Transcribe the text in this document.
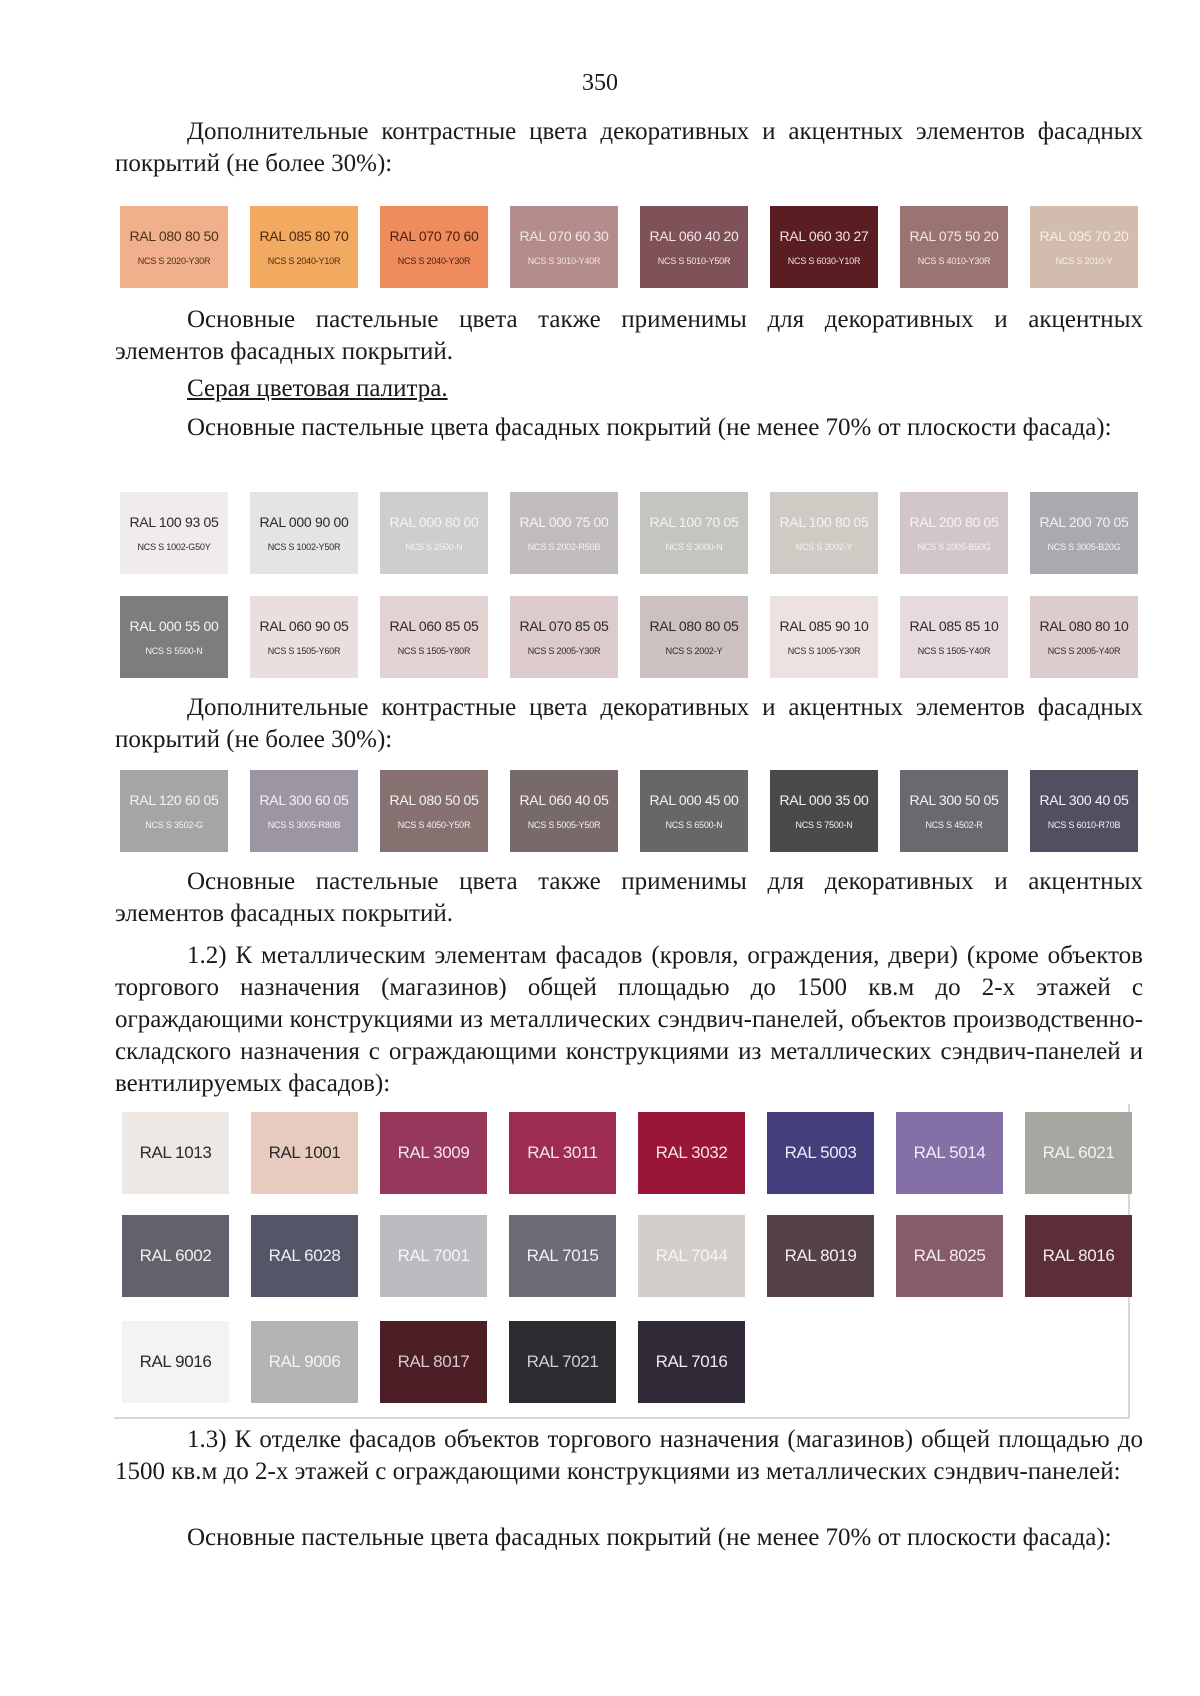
350

Дополнительные контрастные цвета декоративных и акцентных элементов фасадных покрытий (не более 30%):

RAL 080 80 50
NCS S 2020-Y30R
RAL 085 80 70
NCS S 2040-Y10R
RAL 070 70 60
NCS S 2040-Y30R
RAL 070 60 30
NCS S 3010-Y40R
RAL 060 40 20
NCS S 5010-Y50R
RAL 060 30 27
NCS S 6030-Y10R
RAL 075 50 20
NCS S 4010-Y30R
RAL 095 70 20
NCS S 2010-Y

Основные пастельные цвета также применимы для декоративных и акцентных элементов фасадных покрытий.

Серая цветовая палитра.

Основные пастельные цвета фасадных покрытий (не менее 70% от плоскости фасада):

RAL 100 93 05
NCS S 1002-G50Y
RAL 000 90 00
NCS S 1002-Y50R
RAL 000 80 00
NCS S 2500-N
RAL 000 75 00
NCS S 2002-R50B
RAL 100 70 05
NCS S 3000-N
RAL 100 80 05
NCS S 2002-Y
RAL 200 80 05
NCS S 2005-B50G
RAL 200 70 05
NCS S 3005-B20G
RAL 000 55 00
NCS S 5500-N
RAL 060 90 05
NCS S 1505-Y60R
RAL 060 85 05
NCS S 1505-Y80R
RAL 070 85 05
NCS S 2005-Y30R
RAL 080 80 05
NCS S 2002-Y
RAL 085 90 10
NCS S 1005-Y30R
RAL 085 85 10
NCS S 1505-Y40R
RAL 080 80 10
NCS S 2005-Y40R

Дополнительные контрастные цвета декоративных и акцентных элементов фасадных покрытий (не более 30%):

RAL 120 60 05
NCS S 3502-G
RAL 300 60 05
NCS S 3005-R80B
RAL 080 50 05
NCS S 4050-Y50R
RAL 060 40 05
NCS S 5005-Y50R
RAL 000 45 00
NCS S 6500-N
RAL 000 35 00
NCS S 7500-N
RAL 300 50 05
NCS S 4502-R
RAL 300 40 05
NCS S 6010-R70B

Основные пастельные цвета также применимы для декоративных и акцентных элементов фасадных покрытий.

1.2) К металлическим элементам фасадов (кровля, ограждения, двери) (кроме объектов торгового назначения (магазинов) общей площадью до 1500 кв.м до 2-х этажей с ограждающими конструкциями из металлических сэндвич-панелей, объектов производственно-складского назначения с ограждающими конструкциями из металлических сэндвич-панелей и вентилируемых фасадов):

RAL 1013	RAL 1001	RAL 3009	RAL 3011	RAL 3032	RAL 5003	RAL 5014	RAL 6021
RAL 6002	RAL 6028	RAL 7001	RAL 7015	RAL 7044	RAL 8019	RAL 8025	RAL 8016
RAL 9016	RAL 9006	RAL 8017	RAL 7021	RAL 7016

1.3) К отделке фасадов объектов торгового назначения (магазинов) общей площадью до 1500 кв.м до 2-х этажей с ограждающими конструкциями из металлических сэндвич-панелей:

Основные пастельные цвета фасадных покрытий (не менее 70% от плоскости фасада):
